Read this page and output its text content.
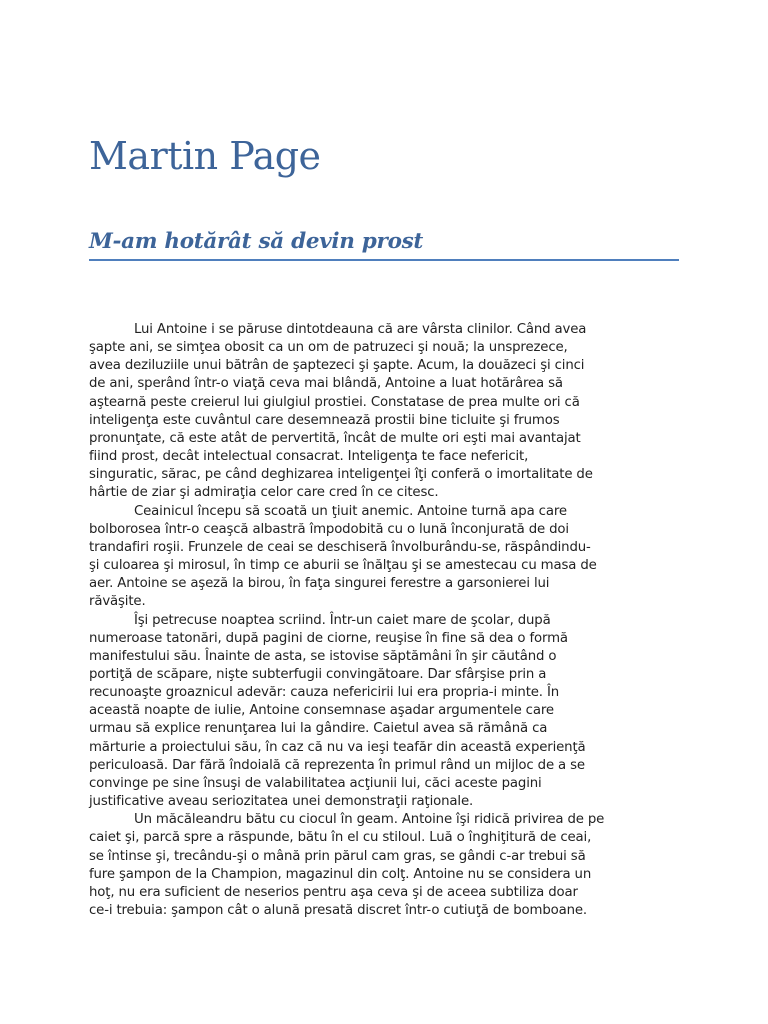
Martin Page
M-am hotărât să devin prost
Lui Antoine i se păruse dintotdeauna că are vârsta clinilor. Când avea
şapte ani, se simţea obosit ca un om de patruzeci şi nouă; la unsprezece,
avea deziluziile unui bătrân de şaptezeci şi şapte. Acum, la douăzeci şi cinci
de ani, sperând într-o viaţă ceva mai blândă, Antoine a luat hotărârea să
aştearnă peste creierul lui giulgiul prostiei. Constatase de prea multe ori că
inteligenţa este cuvântul care desemnează prostii bine ticluite şi frumos
pronunţate, că este atât de pervertită, încât de multe ori eşti mai avantajat
fiind prost, decât intelectual consacrat. Inteligenţa te face nefericit,
singuratic, sărac, pe când deghizarea inteligenţei îţi conferă o imortalitate de
hârtie de ziar şi admiraţia celor care cred în ce citesc.
Ceainicul începu să scoată un ţiuit anemic. Antoine turnă apa care
bolborosea într-o ceaşcă albastră împodobită cu o lună înconjurată de doi
trandafiri roşii. Frunzele de ceai se deschiseră învolburându-se, răspândindu-
şi culoarea şi mirosul, în timp ce aburii se înălţau şi se amestecau cu masa de
aer. Antoine se aşeză la birou, în faţa singurei ferestre a garsonierei lui
răvăşite.
Îşi petrecuse noaptea scriind. Într-un caiet mare de şcolar, după
numeroase tatonări, după pagini de ciorne, reuşise în fine să dea o formă
manifestului său. Înainte de asta, se istovise săptămâni în şir căutând o
portiţă de scăpare, nişte subterfugii convingătoare. Dar sfârşise prin a
recunoaşte groaznicul adevăr: cauza nefericirii lui era propria-i minte. În
această noapte de iulie, Antoine consemnase aşadar argumentele care
urmau să explice renunţarea lui la gândire. Caietul avea să rămână ca
mărturie a proiectului său, în caz că nu va ieşi teafăr din această experienţă
periculoasă. Dar fără îndoială că reprezenta în primul rând un mijloc de a se
convinge pe sine însuşi de valabilitatea acţiunii lui, căci aceste pagini
justificative aveau seriozitatea unei demonstraţii raţionale.
Un măcăleandru bătu cu ciocul în geam. Antoine îşi ridică privirea de pe
caiet şi, parcă spre a răspunde, bătu în el cu stiloul. Luă o înghiţitură de ceai,
se întinse şi, trecându-şi o mână prin părul cam gras, se gândi c-ar trebui să
fure şampon de la Champion, magazinul din colţ. Antoine nu se considera un
hoţ, nu era suficient de neserios pentru aşa ceva şi de aceea subtiliza doar
ce-i trebuia: şampon cât o alună presată discret într-o cutiuţă de bomboane.
